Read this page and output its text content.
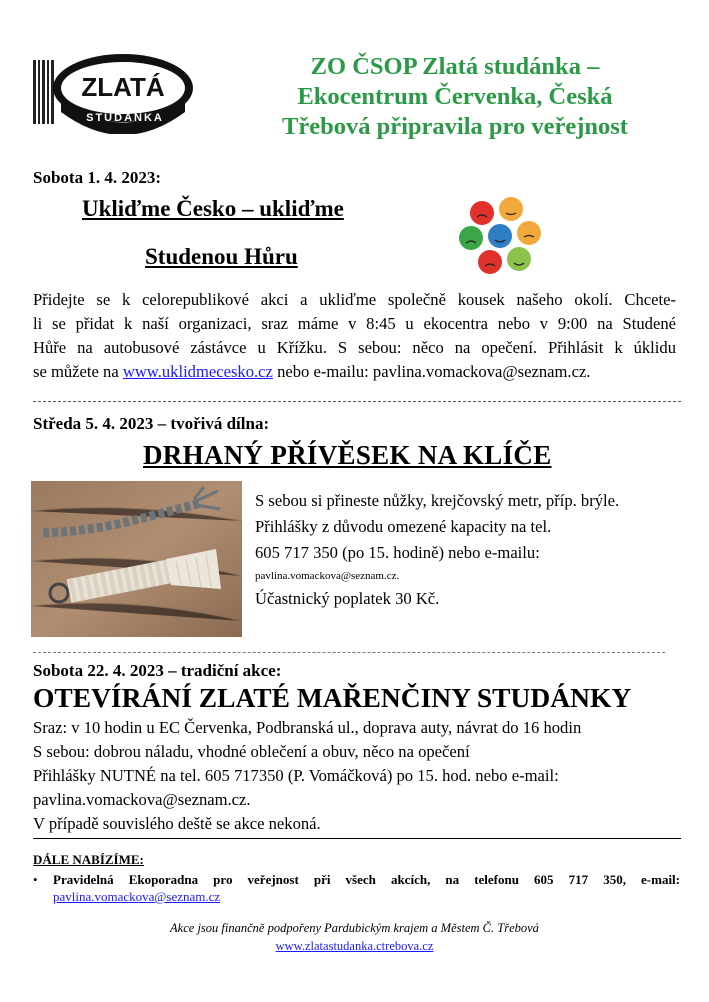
ZLATÁ
STUDÁNKA
ZO ČSOP Zlatá studánka –
Ekocentrum Červenka, Česká
Třebová připravila pro veřejnost
Sobota 1. 4. 2023:
Ukliďme Česko – ukliďme
Studenou Hůru

Přidejte se k celorepublikové akci a ukliďme společně kousek našeho okolí. Chcete-

li se přidat k naší organizaci, sraz máme v 8:45 u ekocentra nebo v 9:00 na Studené

Hůře na autobusové zástávce u Křížku. S sebou: něco na opečení. Přihlásit k úklidu

se můžete na www.uklidmecesko.cz nebo e-mailu: pavlina.vomackova@seznam.cz.

Středa 5. 4. 2023 – tvořivá dílna:
DRHANÝ PŘÍVĚSEK NA KLÍČE

S sebou si přineste nůžky, krejčovský metr, příp. brýle.

Přihlášky z důvodu omezené kapacity na tel.

605 717 350 (po 15. hodině) nebo e-mailu:

pavlina.vomackova@seznam.cz.

Účastnický poplatek 30 Kč.

Sobota 22. 4. 2023 – tradiční akce:
OTEVÍRÁNÍ ZLATÉ MAŘENČINY STUDÁNKY

Sraz: v 10 hodin u EC Červenka, Podbranská ul., doprava auty, návrat do 16 hodin

S sebou: dobrou náladu, vhodné oblečení a obuv, něco na opečení

Přihlášky NUTNÉ na tel. 605 717350 (P. Vomáčková) po 15. hod. nebo e-mail:

pavlina.vomackova@seznam.cz.

V případě souvislého deště se akce nekoná.

DÁLE NABÍZÍME:
• Pravidelná Ekoporadna pro veřejnost při všech akcích, na telefonu 605 717 350, e-mail:
pavlina.vomackova@seznam.cz
Akce jsou finančně podpořeny Pardubickým krajem a Městem Č. Třebová
www.zlatastudanka.ctrebova.cz
